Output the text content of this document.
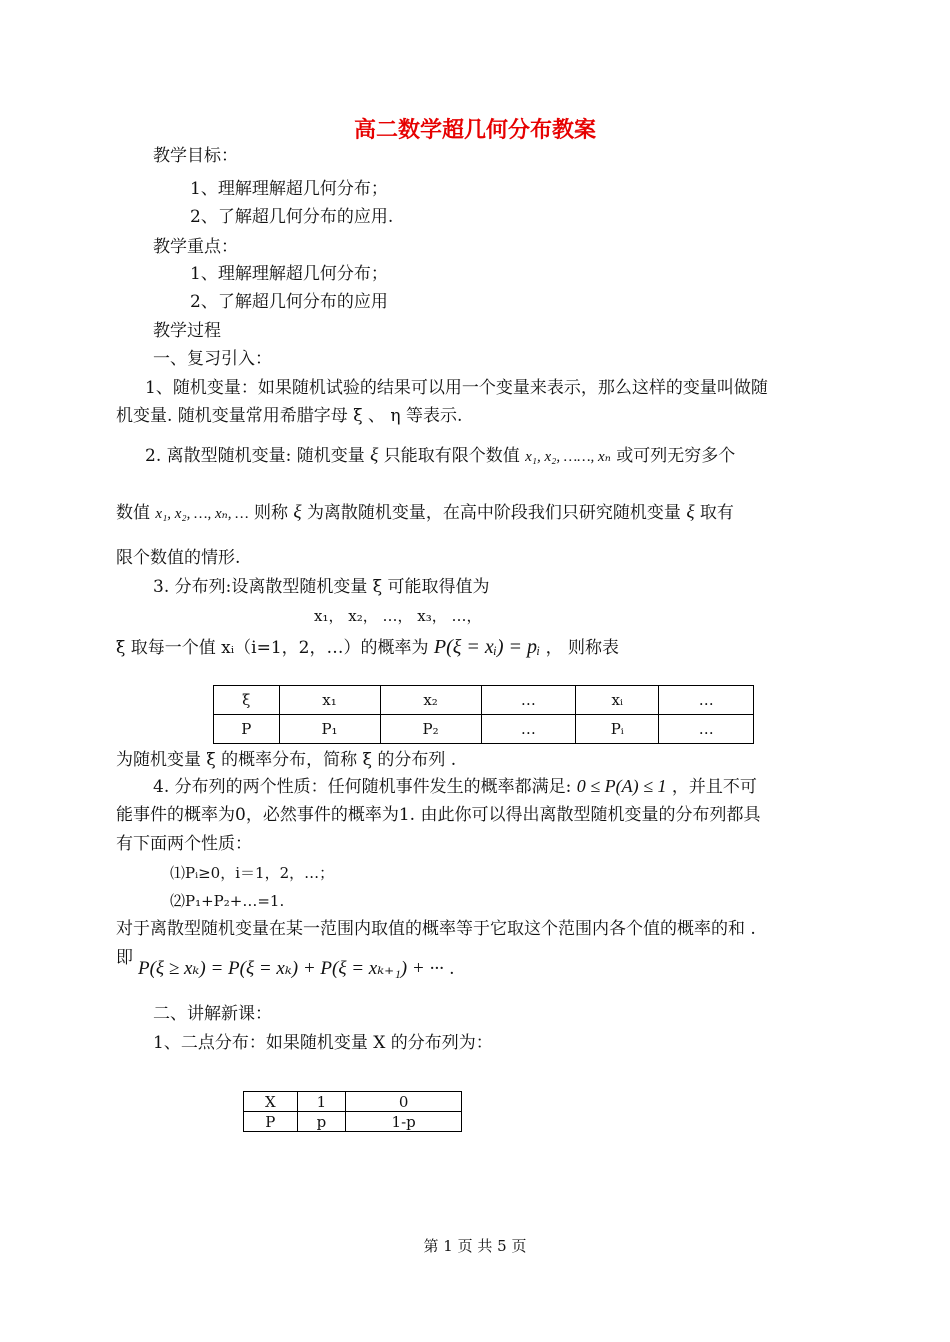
高二数学超几何分布教案
教学目标：
1、理解理解超几何分布；
2、了解超几何分布的应用.
教学重点：
1、理解理解超几何分布；
2、了解超几何分布的应用
教学过程
一、复习引入：
1、随机变量：如果随机试验的结果可以用一个变量来表示，那么这样的变量叫做随
机变量. 随机变量常用希腊字母 ξ 、 η 等表示.
2. 离散型随机变量: 随机变量 ξ 只能取有限个数值 x₁, x₂, ……, xₙ 或可列无穷多个
数值 x₁, x₂, …, xₙ, … 则称 ξ 为离散随机变量，在高中阶段我们只研究随机变量 ξ 取有
限个数值的情形.
3. 分布列:设离散型随机变量 ξ 可能取得值为
x₁， x₂， …， x₃， …，
ξ 取每一个值 xᵢ（i=1，2，…）的概率为 P(ξ = xᵢ) = pᵢ ， 则称表
ξ	x₁	x₂	…	xᵢ	…
P	P₁	P₂	…	Pᵢ	…
为随机变量 ξ 的概率分布，简称 ξ 的分布列 .
4. 分布列的两个性质：任何随机事件发生的概率都满足: 0 ≤ P(A) ≤ 1 ，并且不可
能事件的概率为0，必然事件的概率为1. 由此你可以得出离散型随机变量的分布列都具
有下面两个性质：
⑴Pᵢ≥0，i＝1，2，…；
⑵P₁+P₂+…=1.
对于离散型随机变量在某一范围内取值的概率等于它取这个范围内各个值的概率的和 .
即 P(ξ ≥ xₖ) = P(ξ = xₖ) + P(ξ = xₖ₊₁) + ··· .
二、讲解新课：
1、二点分布：如果随机变量 X 的分布列为：
X	1	0
P	p	1-p
第 1 页 共 5 页
